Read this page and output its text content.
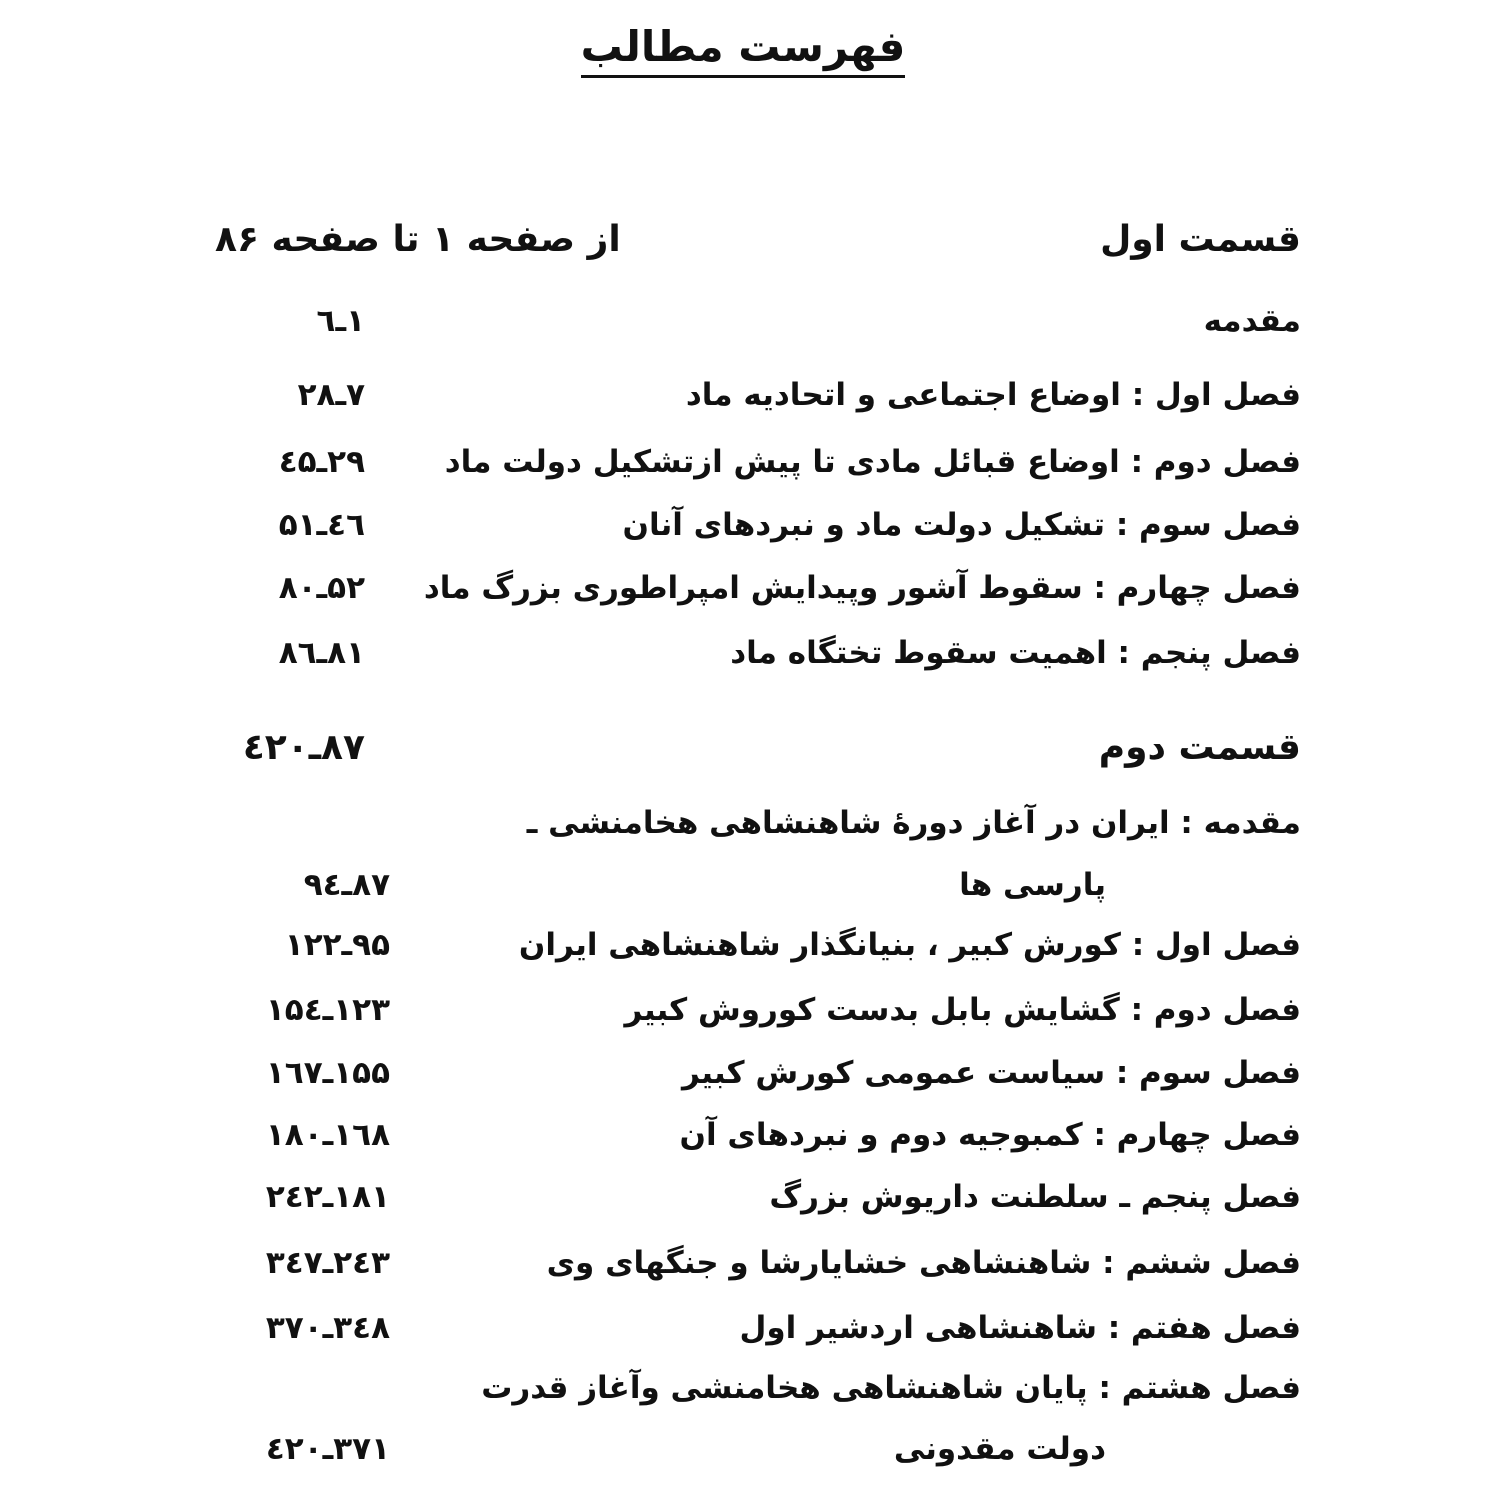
فهرست مطالب
قسمت اول
از صفحه ۱ تا صفحه ۸۶
مقدمه
۱ـ٦
فصل اول : اوضاع اجتماعی و اتحادیه ماد
۷ـ۲۸
فصل دوم : اوضاع قبائل مادی تا پیش ازتشکیل دولت ماد
۲۹ـ٤۵
فصل سوم : تشکیل دولت ماد و نبردهای آنان
٤٦ـ۵۱
فصل چهارم : سقوط آشور وپیدایش امپراطوری بزرگ ماد
۵۲ـ۸۰
فصل پنجم : اهمیت سقوط تختگاه ماد
۸۱ـ۸٦
قسمت دوم
۸۷ـ٤۲۰
مقدمه : ایران در آغاز دورهٔ شاهنشاهی هخامنشی ـ
پارسی ها
۸۷ـ۹٤
فصل اول : کورش کبیر ، بنیانگذار شاهنشاهی ایران
۹۵ـ۱۲۲
فصل دوم : گشایش بابل بدست کوروش کبیر
۱۲۳ـ۱۵٤
فصل سوم : سیاست عمومی کورش کبیر
۱۵۵ـ۱٦۷
فصل چهارم : کمبوجیه دوم و نبردهای آن
۱٦۸ـ۱۸۰
فصل پنجم ـ سلطنت داریوش بزرگ
۱۸۱ـ۲٤۲
فصل ششم : شاهنشاهی خشایارشا و جنگهای وی
۲٤۳ـ۳٤۷
فصل هفتم : شاهنشاهی اردشیر اول
۳٤۸ـ۳۷۰
فصل هشتم : پایان شاهنشاهی هخامنشی وآغاز قدرت
دولت مقدونی
۳۷۱ـ٤۲۰
